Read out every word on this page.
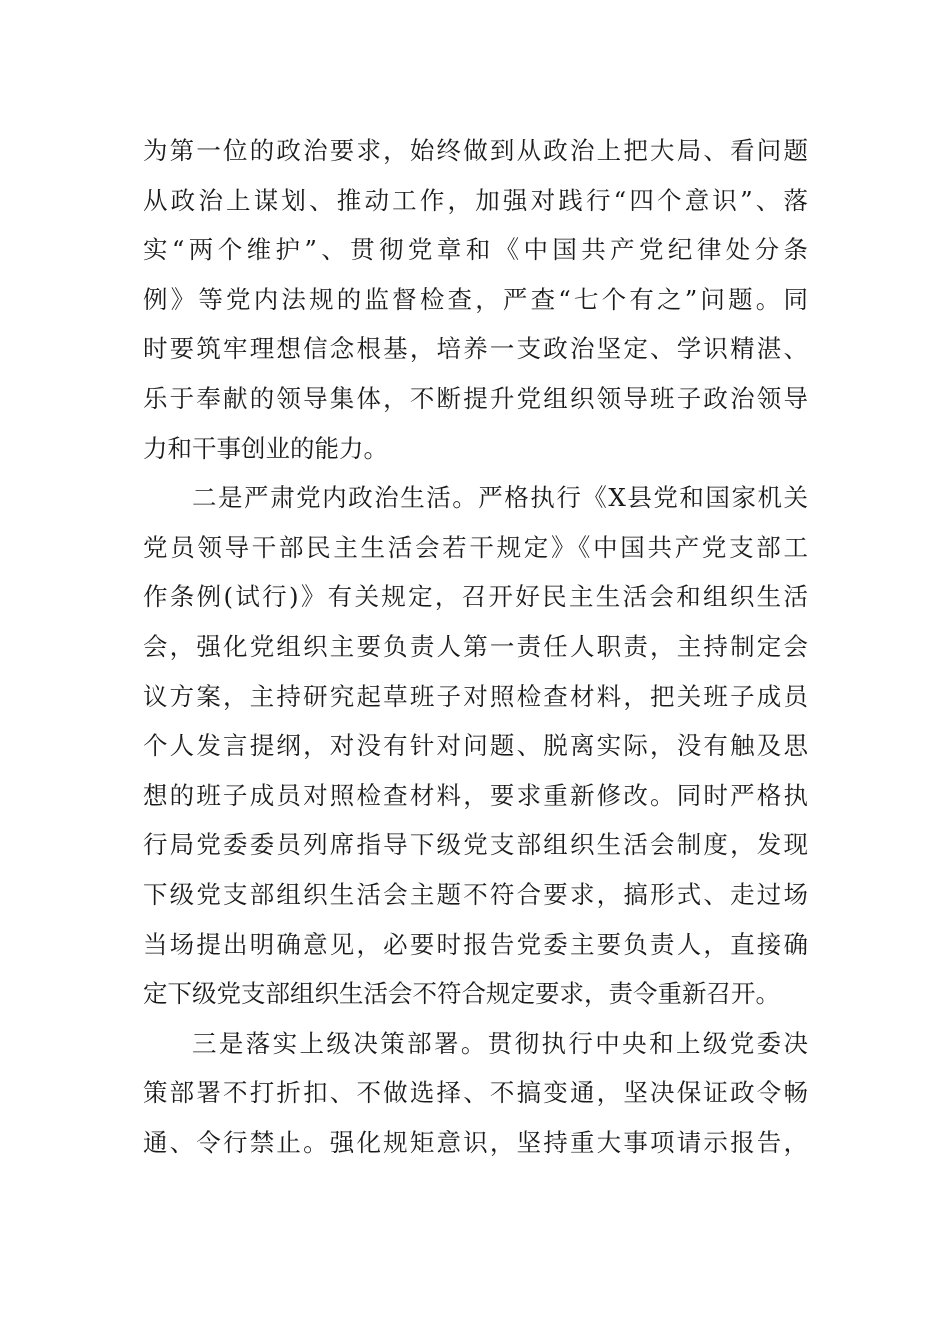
为第一位的政治要求，始终做到从政治上把大局、看问题
从政治上谋划、推动工作，加强对践行“四个意识”、落
实“两个维护”、贯彻党章和《中国共产党纪律处分条
例》等党内法规的监督检查，严查“七个有之”问题。同
时要筑牢理想信念根基，培养一支政治坚定、学识精湛、
乐于奉献的领导集体，不断提升党组织领导班子政治领导
力和干事创业的能力。
二是严肃党内政治生活。严格执行《X县党和国家机关
党员领导干部民主生活会若干规定》《中国共产党支部工
作条例(试行)》有关规定，召开好民主生活会和组织生活
会，强化党组织主要负责人第一责任人职责，主持制定会
议方案，主持研究起草班子对照检查材料，把关班子成员
个人发言提纲，对没有针对问题、脱离实际，没有触及思
想的班子成员对照检查材料，要求重新修改。同时严格执
行局党委委员列席指导下级党支部组织生活会制度，发现
下级党支部组织生活会主题不符合要求，搞形式、走过场
当场提出明确意见，必要时报告党委主要负责人，直接确
定下级党支部组织生活会不符合规定要求，责令重新召开。
三是落实上级决策部署。贯彻执行中央和上级党委决
策部署不打折扣、不做选择、不搞变通，坚决保证政令畅
通、令行禁止。强化规矩意识，坚持重大事项请示报告，
